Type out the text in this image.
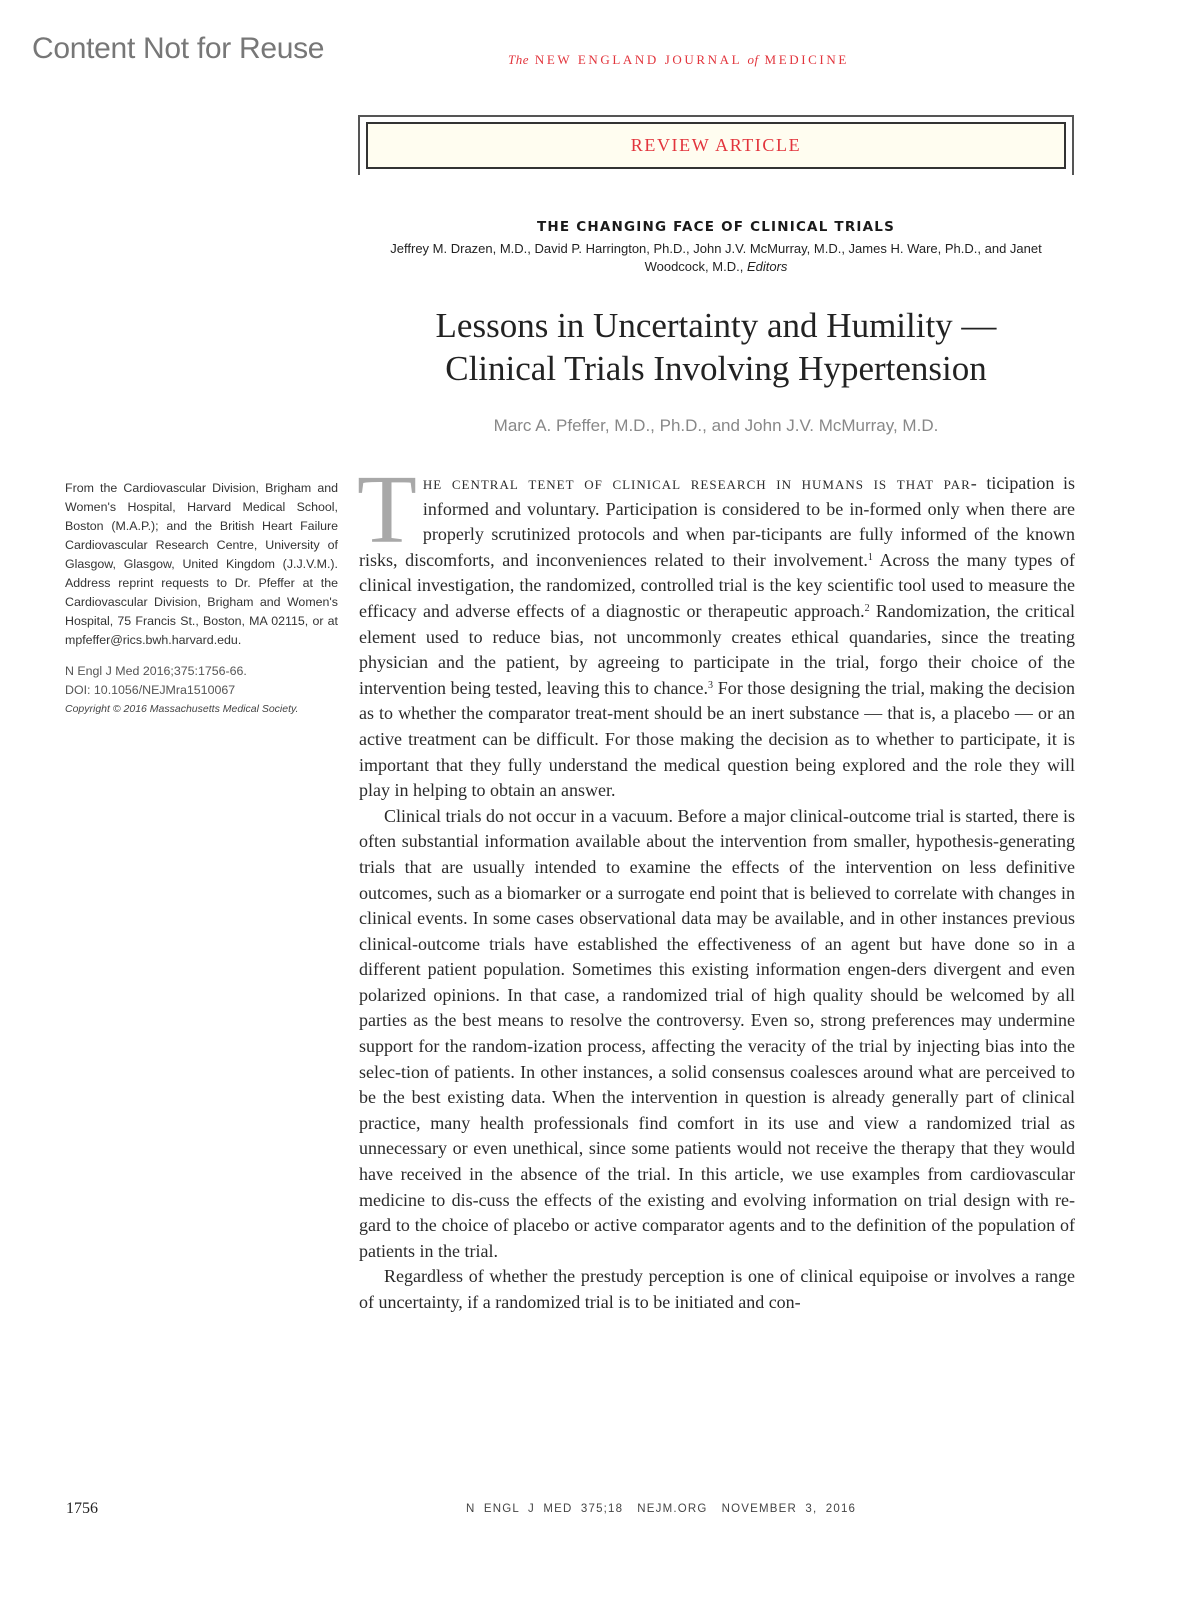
Content Not for Reuse	The NEW ENGLAND JOURNAL of MEDICINE
REVIEW ARTICLE
THE CHANGING FACE OF CLINICAL TRIALS
Jeffrey M. Drazen, M.D., David P. Harrington, Ph.D., John J.V. McMurray, M.D., James H. Ware, Ph.D., and Janet Woodcock, M.D., Editors
Lessons in Uncertainty and Humility —
Clinical Trials Involving Hypertension
Marc A. Pfeffer, M.D., Ph.D., and John J.V. McMurray, M.D.
From the Cardiovascular Division, Brigham and Women's Hospital, Harvard Medical School, Boston (M.A.P.); and the British Heart Failure Cardiovascular Research Centre, University of Glasgow, Glasgow, United Kingdom (J.J.V.M.). Address reprint requests to Dr. Pfeffer at the Cardiovascular Division, Brigham and Women's Hospital, 75 Francis St., Boston, MA 02115, or at mpfeffer@rics.bwh.harvard.edu.
N Engl J Med 2016;375:1756-66.
DOI: 10.1056/NEJMra1510067
Copyright © 2016 Massachusetts Medical Society.

The central tenet of clinical research in humans is that par- ticipation is informed and voluntary. Participation is considered to be in-formed only when there are properly scrutinized protocols and when par-ticipants are fully informed of the known risks, discomforts, and inconveniences related to their involvement.$^1$ Across the many types of clinical investigation, the randomized, controlled trial is the key scientific tool used to measure the efficacy and adverse effects of a diagnostic or therapeutic approach.$^2$ Randomization, the critical element used to reduce bias, not uncommonly creates ethical quandaries, since the treating physician and the patient, by agreeing to participate in the trial, forgo their choice of the intervention being tested, leaving this to chance.$^3$ For those designing the trial, making the decision as to whether the comparator treat-ment should be an inert substance — that is, a placebo — or an active treatment can be difficult. For those making the decision as to whether to participate, it is important that they fully understand the medical question being explored and the role they will play in helping to obtain an answer.

Clinical trials do not occur in a vacuum. Before a major clinical-outcome trial is started, there is often substantial information available about the intervention from smaller, hypothesis-generating trials that are usually intended to examine the effects of the intervention on less definitive outcomes, such as a biomarker or a surrogate end point that is believed to correlate with changes in clinical events. In some cases observational data may be available, and in other instances previous clinical-outcome trials have established the effectiveness of an agent but have done so in a different patient population. Sometimes this existing information engen-ders divergent and even polarized opinions. In that case, a randomized trial of high quality should be welcomed by all parties as the best means to resolve the controversy. Even so, strong preferences may undermine support for the random-ization process, affecting the veracity of the trial by injecting bias into the selec-tion of patients. In other instances, a solid consensus coalesces around what are perceived to be the best existing data. When the intervention in question is already generally part of clinical practice, many health professionals find comfort in its use and view a randomized trial as unnecessary or even unethical, since some patients would not receive the therapy that they would have received in the absence of the trial. In this article, we use examples from cardiovascular medicine to dis-cuss the effects of the existing and evolving information on trial design with re-gard to the choice of placebo or active comparator agents and to the definition of the population of patients in the trial.

Regardless of whether the prestudy perception is one of clinical equipoise or involves a range of uncertainty, if a randomized trial is to be initiated and con-

1756	N ENGL J MED 375;18 NEJM.ORG NOVEMBER 3, 2016
